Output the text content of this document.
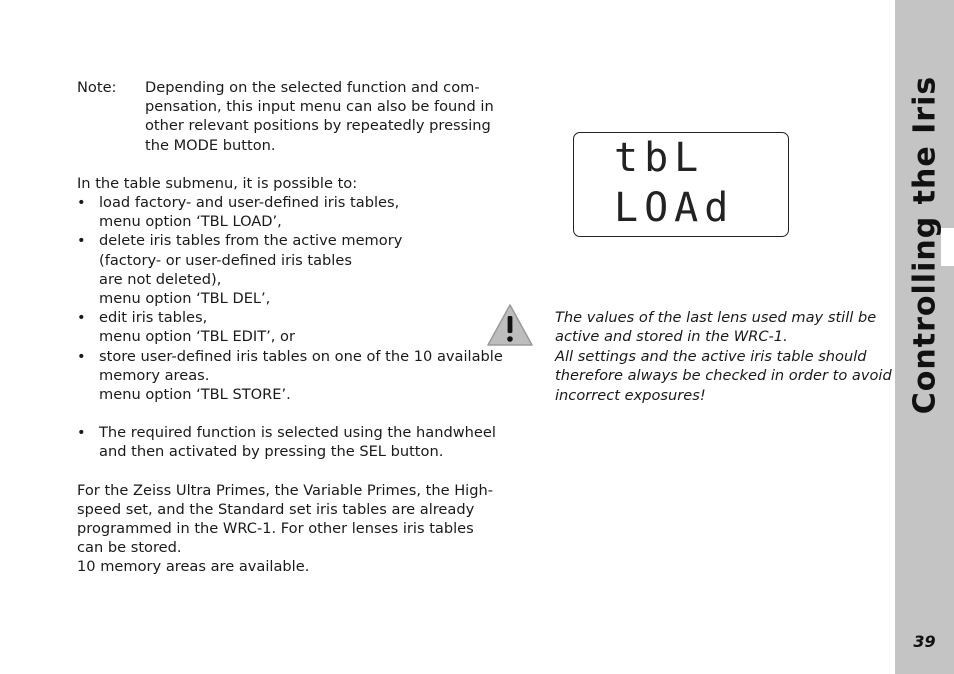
Note:	Depending on the selected function and com-
pensation, this input menu can also be found in
other relevant positions by repeatedly pressing
the MODE button.
In the table submenu, it is possible to:
• load factory- and user-defined iris tables,
menu option ‘TBL LOAD’,
• delete iris tables from the active memory
(factory- or user-defined iris tables
are not deleted),
menu option ‘TBL DEL’,
• edit iris tables,
menu option ‘TBL EDIT’, or
• store user-defined iris tables on one of the 10 available
memory areas.
menu option ‘TBL STORE’.
• The required function is selected using the handwheel
and then activated by pressing the SEL button.
For the Zeiss Ultra Primes, the Variable Primes, the High-
speed set, and the Standard set iris tables are already
programmed in the WRC-1. For other lenses iris tables
can be stored.
10 memory areas are available.
tbL
LOAd
The values of the last lens used may still be
active and stored in the WRC-1.
All settings and the active iris table should
therefore always be checked in order to avoid
incorrect exposures!	Controlling the Iris
39
